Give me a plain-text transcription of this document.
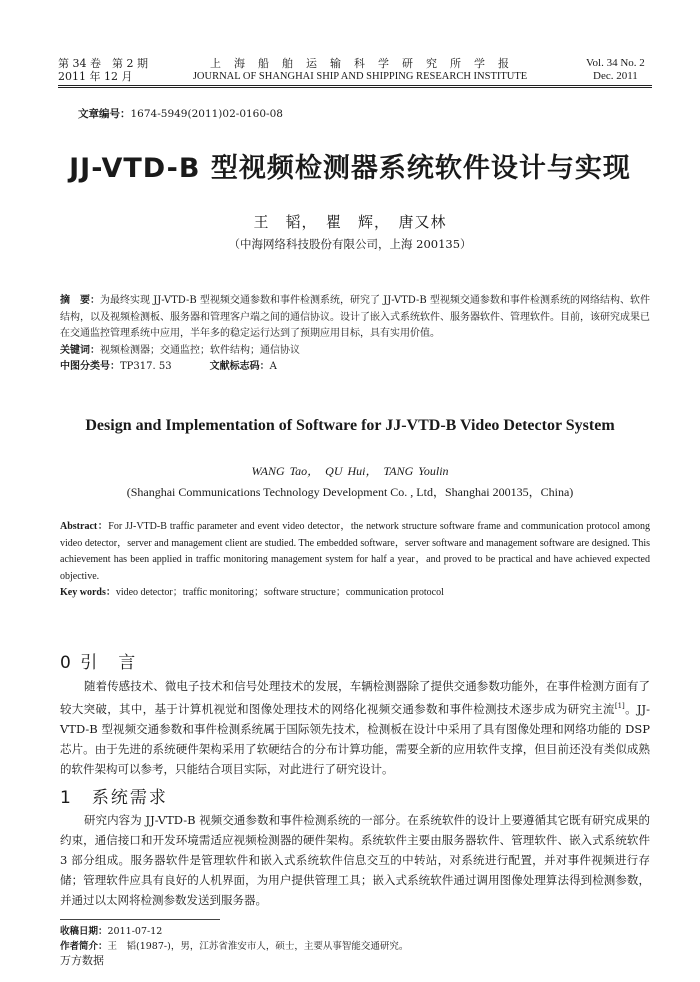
第 34 卷　第 2 期
2011 年 12 月
上　海　船　舶　运　输　科　学　研　究　所　学　报
JOURNAL OF SHANGHAI SHIP AND SHIPPING RESEARCH INSTITUTE
Vol. 34 No. 2
Dec. 2011
文章编号：1674-5949(2011)02-0160-08
JJ-VTD-B 型视频检测器系统软件设计与实现
王　韬，　瞿　辉，　唐又林
（中海网络科技股份有限公司，上海 200135）
摘　要：为最终实现 JJ-VTD-B 型视频交通参数和事件检测系统，研究了 JJ-VTD-B 型视频交通参数和事件检测系统的网络结构、软件结构，以及视频检测板、服务器和管理客户端之间的通信协议。设计了嵌入式系统软件、服务器软件、管理软件。目前，该研究成果已在交通监控管理系统中应用，半年多的稳定运行达到了预期应用目标，具有实用价值。
关键词：视频检测器；交通监控；软件结构；通信协议
中图分类号：TP317. 53	文献标志码：A
Design and Implementation of Software for JJ-VTD-B Video Detector System
WANG Tao，　QU Hui，　TANG Youlin
(Shanghai Communications Technology Development Co. , Ltd，Shanghai 200135，China)
Abstract：For JJ-VTD-B traffic parameter and event video detector，the network structure software frame and communication protocol among video detector，server and management client are studied. The embedded software，server software and management software are designed. This achievement has been applied in traffic monitoring management system for half a year，and proved to be practical and have achieved expected objective.
Key words：video detector；traffic monitoring；software structure；communication protocol
0 引　言
随着传感技术、微电子技术和信号处理技术的发展，车辆检测器除了提供交通参数功能外，在事件检测方面有了较大突破，其中，基于计算机视觉和图像处理技术的网络化视频交通参数和事件检测技术逐步成为研究主流[1]。JJ-VTD-B 型视频交通参数和事件检测系统属于国际领先技术，检测板在设计中采用了具有图像处理和网络功能的 DSP 芯片。由于先进的系统硬件架构采用了软硬结合的分布计算功能，需要全新的应用软件支撑，但目前还没有类似成熟的软件架构可以参考，只能结合项目实际，对此进行了研究设计。
1　系统需求
研究内容为 JJ-VTD-B 视频交通参数和事件检测系统的一部分。在系统软件的设计上要遵循其它既有研究成果的约束，通信接口和开发环境需适应视频检测器的硬件架构。系统软件主要由服务器软件、管理软件、嵌入式系统软件 3 部分组成。服务器软件是管理软件和嵌入式系统软件信息交互的中转站，对系统进行配置，并对事件视频进行存储；管理软件应具有良好的人机界面，为用户提供管理工具；嵌入式系统软件通过调用图像处理算法得到检测参数，并通过以太网将检测参数发送到服务器。
收稿日期：2011-07-12
作者简介：王　韬(1987-)，男，江苏省淮安市人，硕士，主要从事智能交通研究。
万方数据
